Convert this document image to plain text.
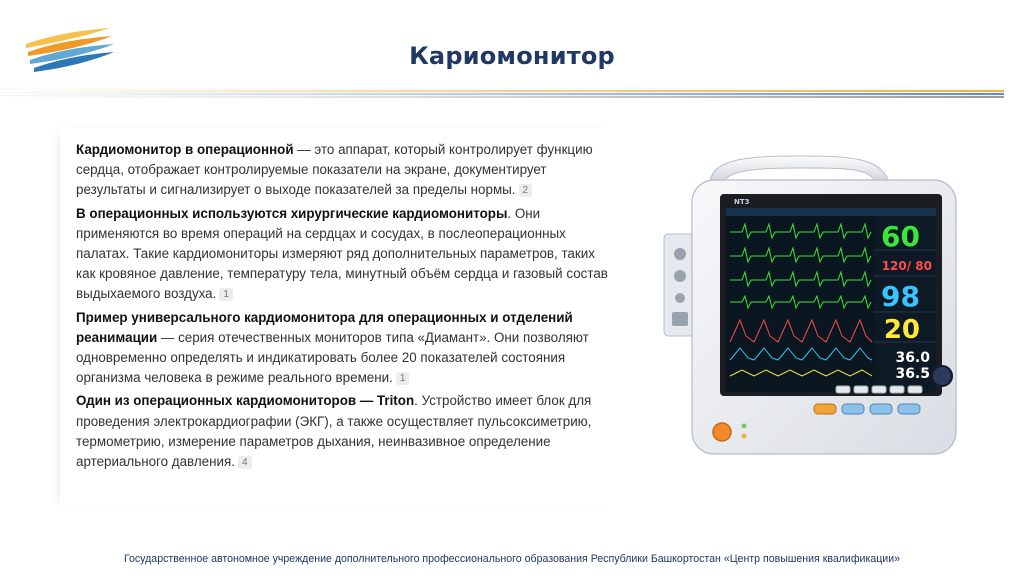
Кариомонитор

Кардиомонитор в операционной — это аппарат, который контролирует функцию сердца, отображает контролируемые показатели на экране, документирует результаты и сигнализирует о выходе показателей за пределы нормы. 2

В операционных используются хирургические кардиомониторы. Они применяются во время операций на сердцах и сосудах, в послеоперационных палатах. Такие кардиомониторы измеряют ряд дополнительных параметров, таких как кровяное давление, температуру тела, минутный объём сердца и газовый состав выдыхаемого воздуха. 1

Пример универсального кардиомонитора для операционных и отделений реанимации — серия отечественных мониторов типа «Диамант». Они позволяют одновременно определять и индикатировать более 20 показателей состояния организма человека в режиме реального времени. 1

Один из операционных кардиомониторов — Triton. Устройство имеет блок для проведения электрокардиографии (ЭКГ), а также осуществляет пульсоксиметрию, термометрию, измерение параметров дыхания, неинвазивное определение артериального давления. 4

NT3
60
120/ 80
98
20
36.0
36.5
Государственное автономное учреждение дополнительного профессионального образования Республики Башкортостан «Центр повышения квалификации»
